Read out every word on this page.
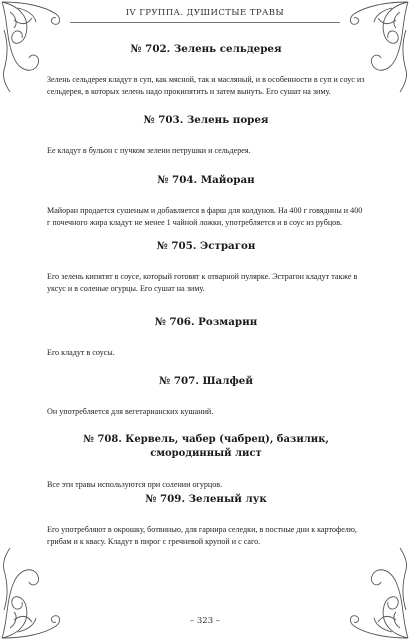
IV ГРУППА. ДУШИСТЫЕ ТРАВЫ
№ 702. Зелень сельдерея

Зелень сельдерея кладут в суп, как мясной, так и масляный, и в особенности в суп и соус из сельдерея, в которых зелень надо прокипятить и затем вынуть. Его сушат на зиму.

№ 703. Зелень порея

Ее кладут в бульон с пучком зелени петрушки и сельдерея.

№ 704. Майоран

Майоран продается сушеным и добавляется в фарш для колдунов. На 400 г говядины и 400 г почечного жира кладут не менее 1 чайной ложки, употребляется и в соус из рубцов.

№ 705. Эстрагон

Его зелень кипятят в соусе, который готовят к отварной пулярке. Эстрагон кладут также в уксус и в соленые огурцы. Его сушат на зиму.

№ 706. Розмарин

Его кладут в соусы.

№ 707. Шалфей

Он употребляется для вегетарианских кушаний.

№ 708. Кервель, чабер (чабрец), базилик, смородинный лист

Все эти травы используются при солении огурцов.

№ 709. Зеленый лук

Его употребляют в окрошку, ботвинью, для гарнира селедки, в постные дни к картофелю, грибам и к квасу. Кладут в пирог с гречневой крупой и с саго.

– 323 –
